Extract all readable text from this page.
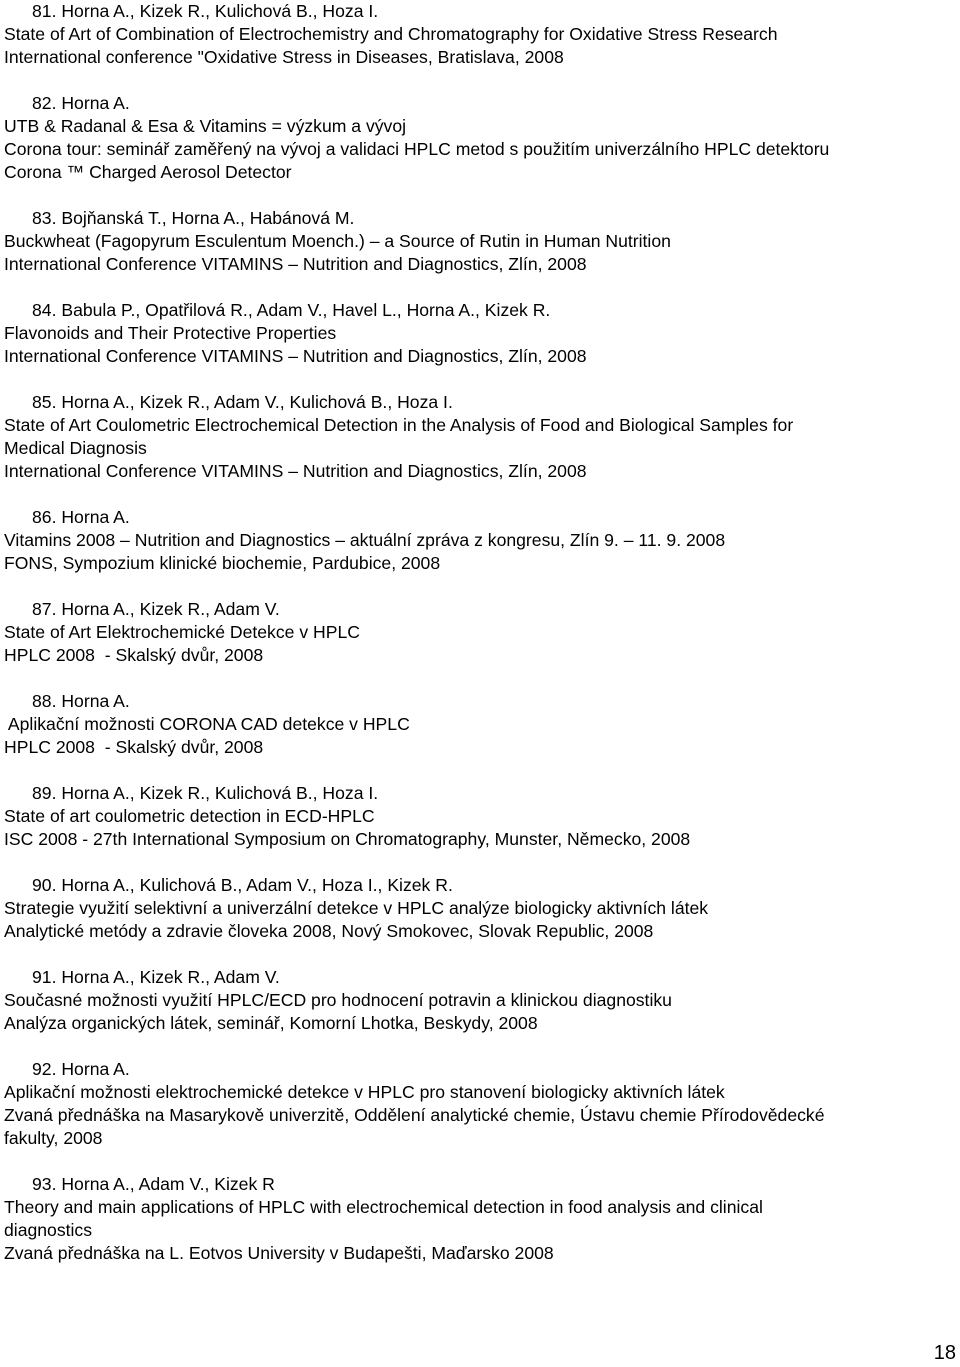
81. Horna A., Kizek R., Kulichová B., Hoza I.
State of Art of Combination of Electrochemistry and Chromatography for Oxidative Stress Research
International conference "Oxidative Stress in Diseases, Bratislava, 2008
82. Horna A.
UTB & Radanal & Esa & Vitamins = výzkum a vývoj
Corona tour: seminář zaměřený na vývoj a validaci HPLC metod s použitím univerzálního HPLC detektoru
Corona ™ Charged Aerosol Detector
83. Bojňanská T., Horna A., Habánová M.
Buckwheat (Fagopyrum Esculentum Moench.) – a Source of Rutin in Human Nutrition
International Conference VITAMINS – Nutrition and Diagnostics, Zlín, 2008
84. Babula P., Opatřilová R., Adam V., Havel L., Horna A., Kizek R.
Flavonoids and Their Protective Properties
International Conference VITAMINS – Nutrition and Diagnostics, Zlín, 2008
85. Horna A., Kizek R., Adam V., Kulichová B., Hoza I.
State of Art Coulometric Electrochemical Detection in the Analysis of Food and Biological Samples for
Medical Diagnosis
International Conference VITAMINS – Nutrition and Diagnostics, Zlín, 2008
86. Horna A.
Vitamins 2008 – Nutrition and Diagnostics – aktuální zpráva z kongresu, Zlín 9. – 11. 9. 2008
FONS, Sympozium klinické biochemie, Pardubice, 2008
87. Horna A., Kizek R., Adam V.
State of Art Elektrochemické Detekce v HPLC
HPLC 2008  - Skalský dvůr, 2008
88. Horna A.
Aplikační možnosti CORONA CAD detekce v HPLC
HPLC 2008  - Skalský dvůr, 2008
89. Horna A., Kizek R., Kulichová B., Hoza I.
State of art coulometric detection in ECD-HPLC
ISC 2008 - 27th International Symposium on Chromatography, Munster, Německo, 2008
90. Horna A., Kulichová B., Adam V., Hoza I., Kizek R.
Strategie využití selektivní a univerzální detekce v HPLC analýze biologicky aktivních látek
Analytické metódy a zdravie človeka 2008, Nový Smokovec, Slovak Republic, 2008
91. Horna A., Kizek R., Adam V.
Současné možnosti využití HPLC/ECD pro hodnocení potravin a klinickou diagnostiku
Analýza organických látek, seminář, Komorní Lhotka, Beskydy, 2008
92. Horna A.
Aplikační možnosti elektrochemické detekce v HPLC pro stanovení biologicky aktivních látek
Zvaná přednáška na Masarykově univerzitě, Oddělení analytické chemie, Ústavu chemie Přírodovědecké
fakulty, 2008
93. Horna A., Adam V., Kizek R
Theory and main applications of HPLC with electrochemical detection in food analysis and clinical
diagnostics
Zvaná přednáška na L. Eotvos University v Budapešti, Maďarsko 2008
18
